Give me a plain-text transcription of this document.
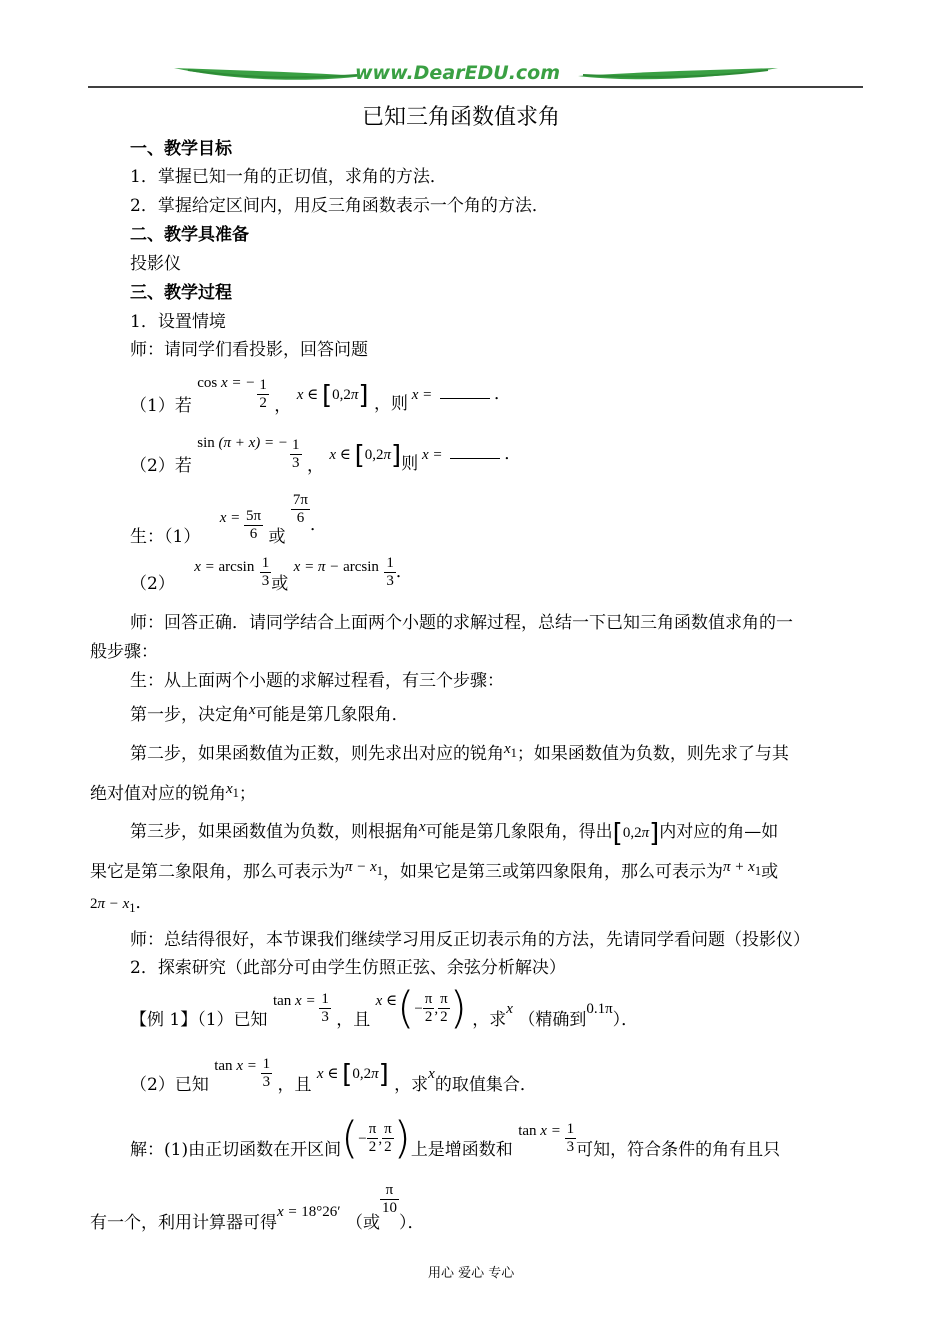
www.DearEDU.com
已知三角函数值求角
一、教学目标
1．掌握已知一角的正切值，求角的方法．
2．掌握给定区间内，用反三角函数表示一个角的方法．
二、教学具准备
投影仪
三、教学过程
1．设置情境
师：请同学们看投影，回答问题
（1）若 cos x = − $\frac{1}{2}$ ， x ∈ [0,2π] ，则 x =	．
（2）若 sin (π + x) = − $\frac{1}{3}$ ， x ∈ [0,2π]则 x =	．
生：（1） $x = \frac{5\pi}{6}$ 或
$\frac{7\pi}{6}$ ．
（2） $x = \arcsin \frac{1}{3}$ 或 $x = \pi - \arcsin \frac{1}{3}$ ．
师：回答正确．请同学结合上面两个小题的求解过程，总结一下已知三角函数值求角的一
般步骤：
生：从上面两个小题的求解过程看，有三个步骤：
第一步，决定角x可能是第几象限角．
第二步，如果函数值为正数，则先求出对应的锐角$x_1$；如果函数值为负数，则先求了与其
绝对值对应的锐角$x_1$；
第三步，如果函数值为负数，则根据角x可能是第几象限角，得出[0,2π]内对应的角—如
果它是第二象限角，那么可表示为$\pi - x_1$，如果它是第三或第四象限角，那么可表示为$\pi + x_1$或
$2\pi - x_1$．
师：总结得很好，本节课我们继续学习用反正切表示角的方法，先请同学看问题（投影仪）
2．探索研究（此部分可由学生仿照正弦、余弦分析解决）
【例 1】（1）已知 $\tan x = \frac{1}{3}$ ，且 x ∈(− $\frac{\pi}{2}$ , $\frac{\pi}{2}$ ) ，求x （精确到0.1π）．
（2）已知 $\tan x = \frac{1}{3}$ ，且 x ∈ [0,2π] ，求x的取值集合．
解：(1)由正切函数在开区间(− $\frac{\pi}{2}$ , $\frac{\pi}{2}$ )上是增函数和 $\tan x = \frac{1}{3}$ 可知，符合条件的角有且只
有一个，利用计算器可得x = 18°26′ （或
$\frac{\pi}{10}$
）．
用心 爱心 专心
